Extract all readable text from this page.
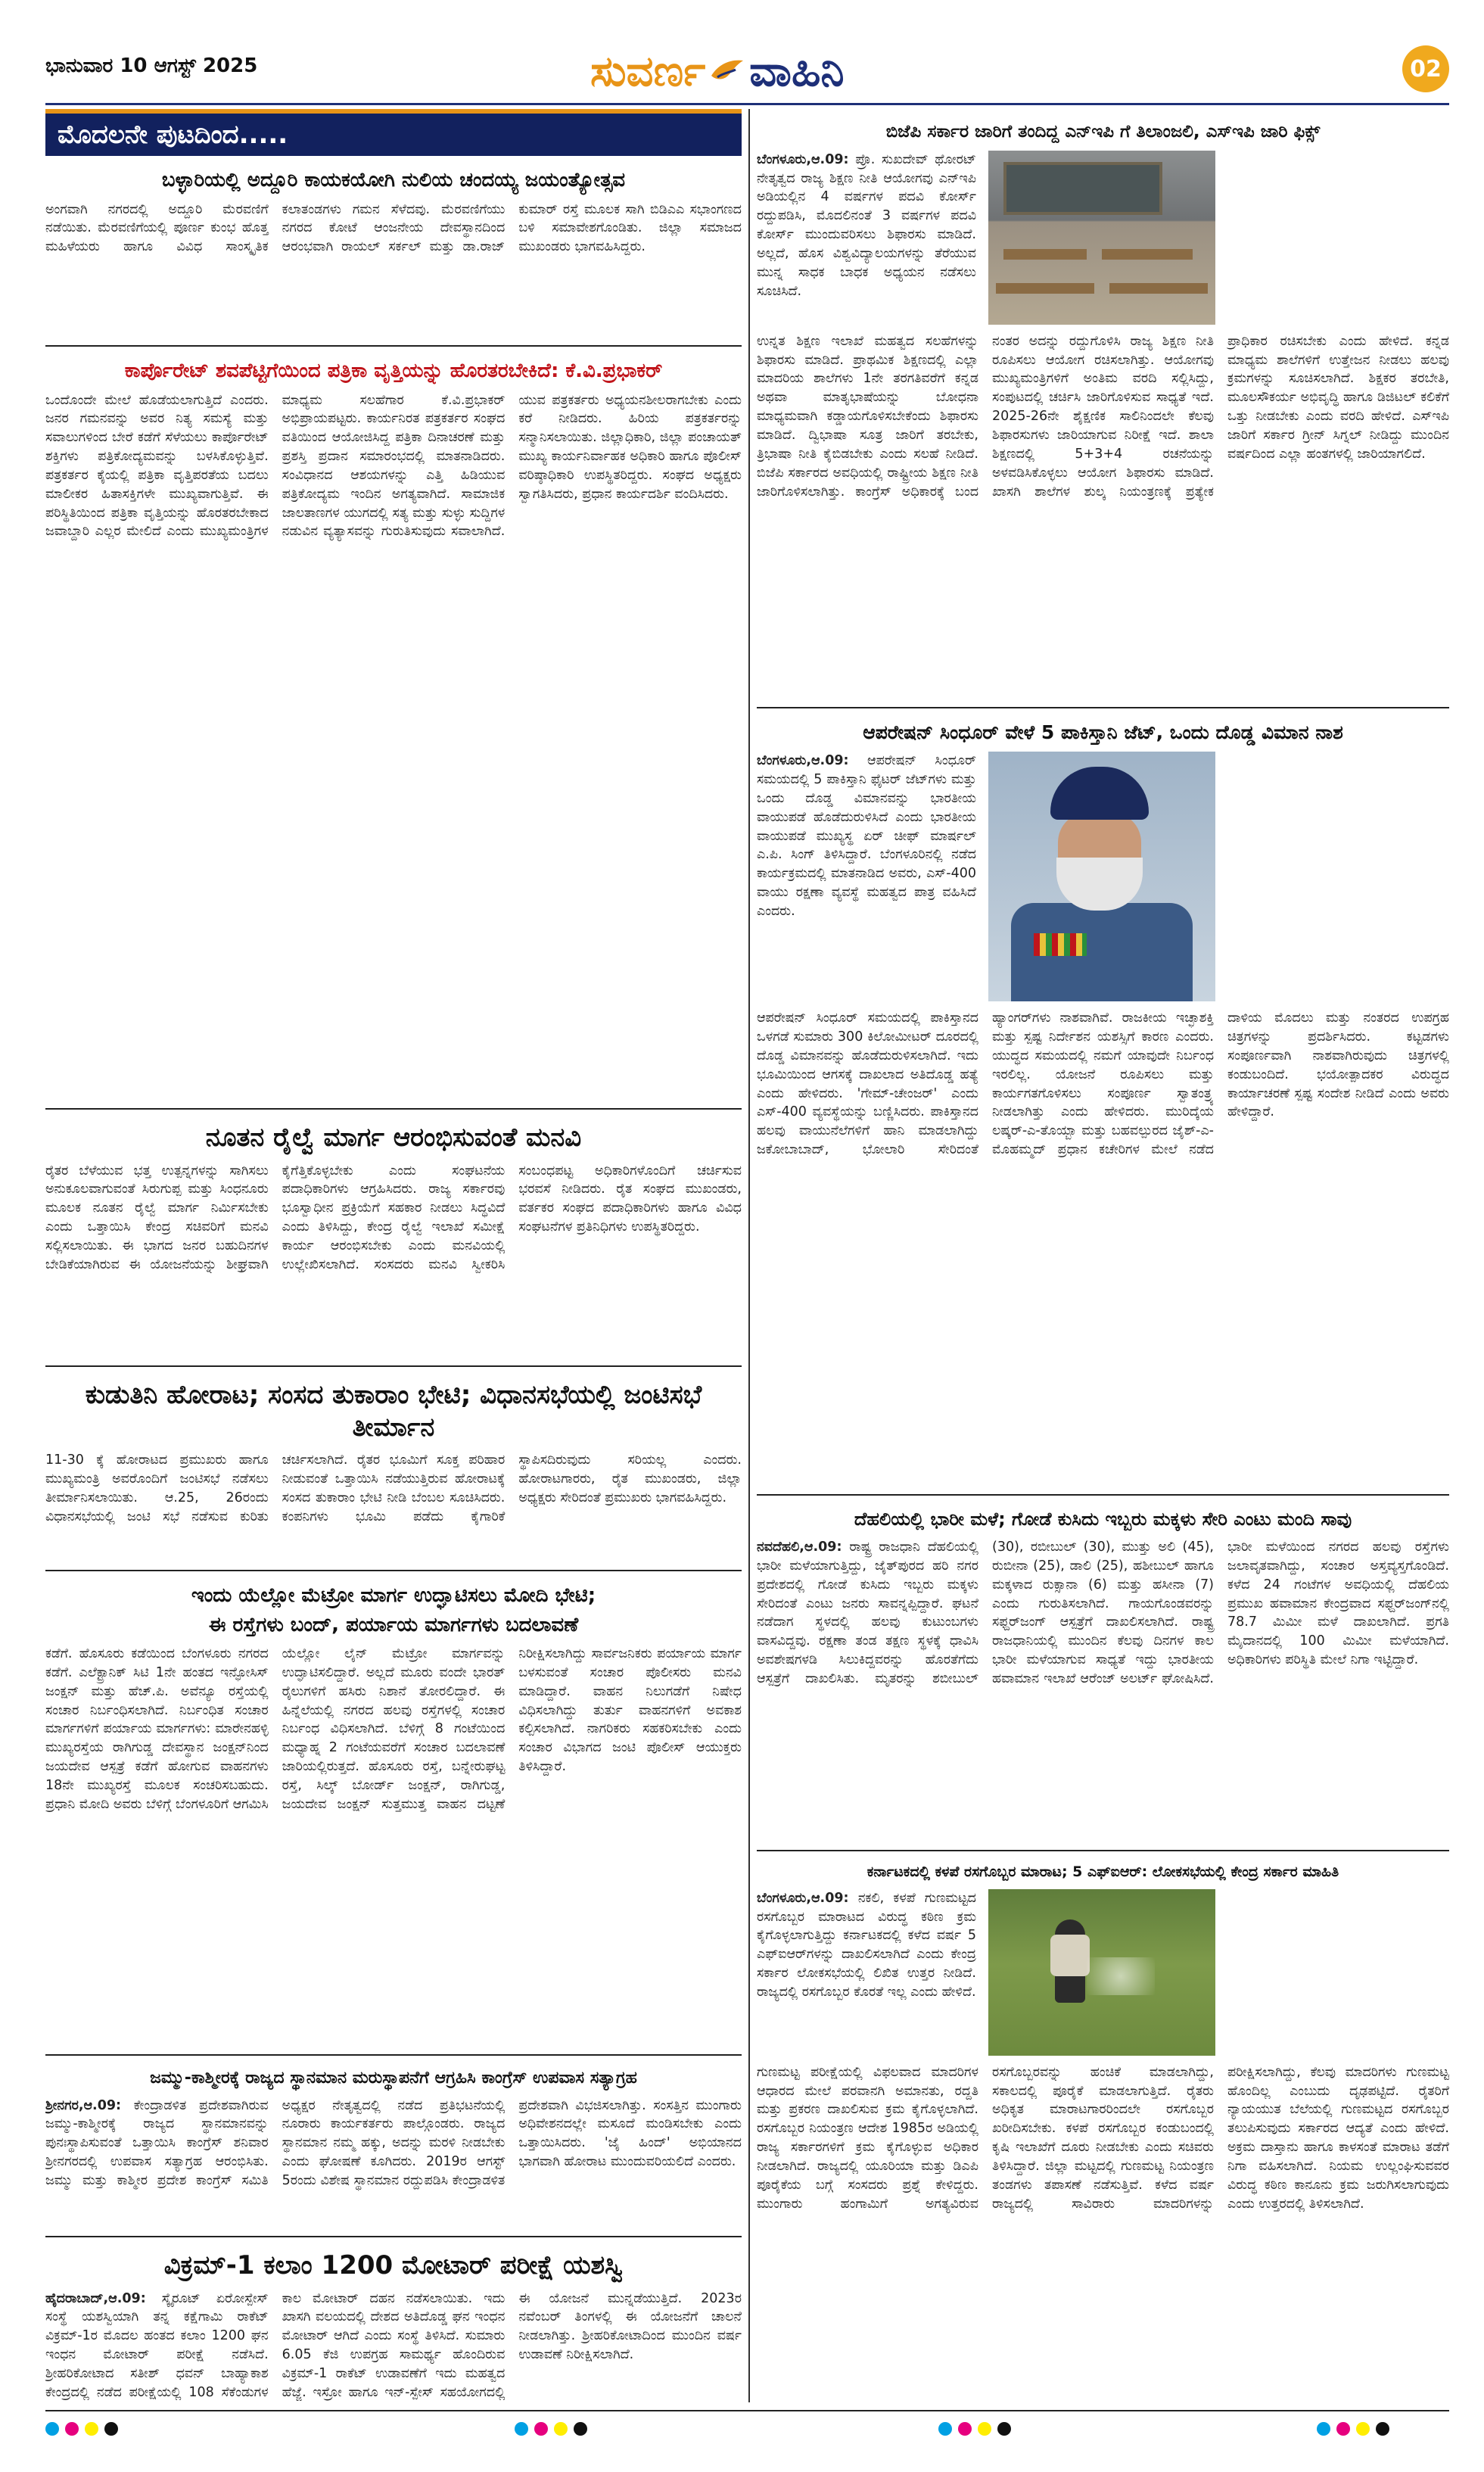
ಭಾನುವಾರ 10 ಆಗಸ್ಟ್ 2025	ಸುವರ್ಣ ವಾಹಿನಿ	02
ಮೊದಲನೇ ಪುಟದಿಂದ.....
ಬಳ್ಳಾರಿಯಲ್ಲಿ ಅದ್ದೂರಿ ಕಾಯಕಯೋಗಿ ನುಲಿಯ ಚಂದಯ್ಯ ಜಯಂತ್ಯೋತ್ಸವ
ಅಂಗವಾಗಿ ನಗರದಲ್ಲಿ ಅದ್ದೂರಿ ಮೆರವಣಿಗೆ ನಡೆಯಿತು. ಮೆರವಣಿಗೆಯಲ್ಲಿ ಪೂರ್ಣ ಕುಂಭ ಹೊತ್ತ ಮಹಿಳೆಯರು ಹಾಗೂ ವಿವಿಧ ಸಾಂಸ್ಕೃತಿಕ ಕಲಾತಂಡಗಳು ಗಮನ ಸೆಳೆದವು. ಮೆರವಣಿಗೆಯು ನಗರದ ಕೋಟೆ ಆಂಜನೇಯ ದೇವಸ್ಥಾನದಿಂದ ಆರಂಭವಾಗಿ ರಾಯಲ್ ಸರ್ಕಲ್ ಮತ್ತು ಡಾ.ರಾಜ್ ಕುಮಾರ್ ರಸ್ತೆ ಮೂಲಕ ಸಾಗಿ ಬಿಡಿಎಎ ಸಭಾಂಗಣದ ಬಳಿ ಸಮಾವೇಶಗೊಂಡಿತು. ಜಿಲ್ಲಾ ಸಮಾಜದ ಮುಖಂಡರು ಭಾಗವಹಿಸಿದ್ದರು.
ಕಾರ್ಪೊರೇಟ್ ಶವಪೆಟ್ಟಿಗೆಯಿಂದ ಪತ್ರಿಕಾ ವೃತ್ತಿಯನ್ನು ಹೊರತರಬೇಕಿದೆ: ಕೆ.ವಿ.ಪ್ರಭಾಕರ್
ಒಂದೊಂದೇ ಮೇಲೆ ಹೊಡೆಯಲಾಗುತ್ತಿದೆ ಎಂದರು. ಜನರ ಗಮನವನ್ನು ಅವರ ನಿತ್ಯ ಸಮಸ್ಯೆ ಮತ್ತು ಸವಾಲುಗಳಿಂದ ಬೇರೆ ಕಡೆಗೆ ಸೆಳೆಯಲು ಕಾರ್ಪೊರೇಟ್ ಶಕ್ತಿಗಳು ಪತ್ರಿಕೋದ್ಯಮವನ್ನು ಬಳಸಿಕೊಳ್ಳುತ್ತಿವೆ. ಪತ್ರಕರ್ತರ ಕೈಯಲ್ಲಿ ಪತ್ರಿಕಾ ವೃತ್ತಿಪರತೆಯ ಬದಲು ಮಾಲೀಕರ ಹಿತಾಸಕ್ತಿಗಳೇ ಮುಖ್ಯವಾಗುತ್ತಿವೆ. ಈ ಪರಿಸ್ಥಿತಿಯಿಂದ ಪತ್ರಿಕಾ ವೃತ್ತಿಯನ್ನು ಹೊರತರಬೇಕಾದ ಜವಾಬ್ದಾರಿ ಎಲ್ಲರ ಮೇಲಿದೆ ಎಂದು ಮುಖ್ಯಮಂತ್ರಿಗಳ ಮಾಧ್ಯಮ ಸಲಹೆಗಾರ ಕೆ.ವಿ.ಪ್ರಭಾಕರ್ ಅಭಿಪ್ರಾಯಪಟ್ಟರು. ಕಾರ್ಯನಿರತ ಪತ್ರಕರ್ತರ ಸಂಘದ ವತಿಯಿಂದ ಆಯೋಜಿಸಿದ್ದ ಪತ್ರಿಕಾ ದಿನಾಚರಣೆ ಮತ್ತು ಪ್ರಶಸ್ತಿ ಪ್ರದಾನ ಸಮಾರಂಭದಲ್ಲಿ ಮಾತನಾಡಿದರು. ಸಂವಿಧಾನದ ಆಶಯಗಳನ್ನು ಎತ್ತಿ ಹಿಡಿಯುವ ಪತ್ರಿಕೋದ್ಯಮ ಇಂದಿನ ಅಗತ್ಯವಾಗಿದೆ. ಸಾಮಾಜಿಕ ಜಾಲತಾಣಗಳ ಯುಗದಲ್ಲಿ ಸತ್ಯ ಮತ್ತು ಸುಳ್ಳು ಸುದ್ದಿಗಳ ನಡುವಿನ ವ್ಯತ್ಯಾಸವನ್ನು ಗುರುತಿಸುವುದು ಸವಾಲಾಗಿದೆ. ಯುವ ಪತ್ರಕರ್ತರು ಅಧ್ಯಯನಶೀಲರಾಗಬೇಕು ಎಂದು ಕರೆ ನೀಡಿದರು. ಹಿರಿಯ ಪತ್ರಕರ್ತರನ್ನು ಸನ್ಮಾನಿಸಲಾಯಿತು. ಜಿಲ್ಲಾಧಿಕಾರಿ, ಜಿಲ್ಲಾ ಪಂಚಾಯತ್ ಮುಖ್ಯ ಕಾರ್ಯನಿರ್ವಾಹಕ ಅಧಿಕಾರಿ ಹಾಗೂ ಪೊಲೀಸ್ ವರಿಷ್ಠಾಧಿಕಾರಿ ಉಪಸ್ಥಿತರಿದ್ದರು. ಸಂಘದ ಅಧ್ಯಕ್ಷರು ಸ್ವಾಗತಿಸಿದರು, ಪ್ರಧಾನ ಕಾರ್ಯದರ್ಶಿ ವಂದಿಸಿದರು.
ನೂತನ ರೈಲ್ವೆ ಮಾರ್ಗ ಆರಂಭಿಸುವಂತೆ ಮನವಿ
ರೈತರ ಬೆಳೆಯುವ ಭತ್ತ ಉತ್ಪನ್ನಗಳನ್ನು ಸಾಗಿಸಲು ಅನುಕೂಲವಾಗುವಂತೆ ಸಿರುಗುಪ್ಪ ಮತ್ತು ಸಿಂಧನೂರು ಮೂಲಕ ನೂತನ ರೈಲ್ವೆ ಮಾರ್ಗ ನಿರ್ಮಿಸಬೇಕು ಎಂದು ಒತ್ತಾಯಿಸಿ ಕೇಂದ್ರ ಸಚಿವರಿಗೆ ಮನವಿ ಸಲ್ಲಿಸಲಾಯಿತು. ಈ ಭಾಗದ ಜನರ ಬಹುದಿನಗಳ ಬೇಡಿಕೆಯಾಗಿರುವ ಈ ಯೋಜನೆಯನ್ನು ಶೀಘ್ರವಾಗಿ ಕೈಗೆತ್ತಿಕೊಳ್ಳಬೇಕು ಎಂದು ಸಂಘಟನೆಯ ಪದಾಧಿಕಾರಿಗಳು ಆಗ್ರಹಿಸಿದರು. ರಾಜ್ಯ ಸರ್ಕಾರವು ಭೂಸ್ವಾಧೀನ ಪ್ರಕ್ರಿಯೆಗೆ ಸಹಕಾರ ನೀಡಲು ಸಿದ್ಧವಿದೆ ಎಂದು ತಿಳಿಸಿದ್ದು, ಕೇಂದ್ರ ರೈಲ್ವೆ ಇಲಾಖೆ ಸಮೀಕ್ಷೆ ಕಾರ್ಯ ಆರಂಭಿಸಬೇಕು ಎಂದು ಮನವಿಯಲ್ಲಿ ಉಲ್ಲೇಖಿಸಲಾಗಿದೆ. ಸಂಸದರು ಮನವಿ ಸ್ವೀಕರಿಸಿ ಸಂಬಂಧಪಟ್ಟ ಅಧಿಕಾರಿಗಳೊಂದಿಗೆ ಚರ್ಚಿಸುವ ಭರವಸೆ ನೀಡಿದರು. ರೈತ ಸಂಘದ ಮುಖಂಡರು, ವರ್ತಕರ ಸಂಘದ ಪದಾಧಿಕಾರಿಗಳು ಹಾಗೂ ವಿವಿಧ ಸಂಘಟನೆಗಳ ಪ್ರತಿನಿಧಿಗಳು ಉಪಸ್ಥಿತರಿದ್ದರು.
ಕುಡುತಿನಿ ಹೋರಾಟ; ಸಂಸದ ತುಕಾರಾಂ ಭೇಟಿ; ವಿಧಾನಸಭೆಯಲ್ಲಿ ಜಂಟಿಸಭೆ ತೀರ್ಮಾನ
11-30 ಕ್ಕೆ ಹೋರಾಟದ ಪ್ರಮುಖರು ಹಾಗೂ ಮುಖ್ಯಮಂತ್ರಿ ಅವರೊಂದಿಗೆ ಜಂಟಿಸಭೆ ನಡೆಸಲು ತೀರ್ಮಾನಿಸಲಾಯಿತು. ಆ.25, 26ರಂದು ವಿಧಾನಸಭೆಯಲ್ಲಿ ಜಂಟಿ ಸಭೆ ನಡೆಸುವ ಕುರಿತು ಚರ್ಚಿಸಲಾಗಿದೆ. ರೈತರ ಭೂಮಿಗೆ ಸೂಕ್ತ ಪರಿಹಾರ ನೀಡುವಂತೆ ಒತ್ತಾಯಿಸಿ ನಡೆಯುತ್ತಿರುವ ಹೋರಾಟಕ್ಕೆ ಸಂಸದ ತುಕಾರಾಂ ಭೇಟಿ ನೀಡಿ ಬೆಂಬಲ ಸೂಚಿಸಿದರು. ಕಂಪನಿಗಳು ಭೂಮಿ ಪಡೆದು ಕೈಗಾರಿಕೆ ಸ್ಥಾಪಿಸದಿರುವುದು ಸರಿಯಲ್ಲ ಎಂದರು. ಹೋರಾಟಗಾರರು, ರೈತ ಮುಖಂಡರು, ಜಿಲ್ಲಾ ಅಧ್ಯಕ್ಷರು ಸೇರಿದಂತೆ ಪ್ರಮುಖರು ಭಾಗವಹಿಸಿದ್ದರು.
ಇಂದು ಯೆಲ್ಲೋ ಮೆಟ್ರೋ ಮಾರ್ಗ ಉದ್ಘಾಟಿಸಲು ಮೋದಿ ಭೇಟಿ;
ಈ ರಸ್ತೆಗಳು ಬಂದ್, ಪರ್ಯಾಯ ಮಾರ್ಗಗಳು ಬದಲಾವಣೆ
ಕಡೆಗೆ. ಹೊಸೂರು ಕಡೆಯಿಂದ ಬೆಂಗಳೂರು ನಗರದ ಕಡೆಗೆ. ಎಲೆಕ್ಟ್ರಾನಿಕ್ ಸಿಟಿ 1ನೇ ಹಂತದ ಇನ್ಫೋಸಿಸ್ ಜಂಕ್ಷನ್ ಮತ್ತು ಹೆಚ್.ಪಿ. ಅವೆನ್ಯೂ ರಸ್ತೆಯಲ್ಲಿ ಸಂಚಾರ ನಿರ್ಬಂಧಿಸಲಾಗಿದೆ. ನಿರ್ಬಂಧಿತ ಸಂಚಾರ ಮಾರ್ಗಗಳಿಗೆ ಪರ್ಯಾಯ ಮಾರ್ಗಗಳು: ಮಾರೇನಹಳ್ಳಿ ಮುಖ್ಯರಸ್ತೆಯ ರಾಗಿಗುಡ್ಡ ದೇವಸ್ಥಾನ ಜಂಕ್ಷನ್‌ನಿಂದ ಜಯದೇವ ಆಸ್ಪತ್ರೆ ಕಡೆಗೆ ಹೋಗುವ ವಾಹನಗಳು 18ನೇ ಮುಖ್ಯರಸ್ತೆ ಮೂಲಕ ಸಂಚರಿಸಬಹುದು. ಪ್ರಧಾನಿ ಮೋದಿ ಅವರು ಬೆಳಿಗ್ಗೆ ಬೆಂಗಳೂರಿಗೆ ಆಗಮಿಸಿ ಯೆಲ್ಲೋ ಲೈನ್ ಮೆಟ್ರೋ ಮಾರ್ಗವನ್ನು ಉದ್ಘಾಟಿಸಲಿದ್ದಾರೆ. ಅಲ್ಲದೆ ಮೂರು ವಂದೇ ಭಾರತ್ ರೈಲುಗಳಿಗೆ ಹಸಿರು ನಿಶಾನೆ ತೋರಲಿದ್ದಾರೆ. ಈ ಹಿನ್ನೆಲೆಯಲ್ಲಿ ನಗರದ ಹಲವು ರಸ್ತೆಗಳಲ್ಲಿ ಸಂಚಾರ ನಿರ್ಬಂಧ ವಿಧಿಸಲಾಗಿದೆ. ಬೆಳಿಗ್ಗೆ 8 ಗಂಟೆಯಿಂದ ಮಧ್ಯಾಹ್ನ 2 ಗಂಟೆಯವರೆಗೆ ಸಂಚಾರ ಬದಲಾವಣೆ ಜಾರಿಯಲ್ಲಿರುತ್ತದೆ. ಹೊಸೂರು ರಸ್ತೆ, ಬನ್ನೇರುಘಟ್ಟ ರಸ್ತೆ, ಸಿಲ್ಕ್ ಬೋರ್ಡ್ ಜಂಕ್ಷನ್, ರಾಗಿಗುಡ್ಡ, ಜಯದೇವ ಜಂಕ್ಷನ್ ಸುತ್ತಮುತ್ತ ವಾಹನ ದಟ್ಟಣೆ ನಿರೀಕ್ಷಿಸಲಾಗಿದ್ದು ಸಾರ್ವಜನಿಕರು ಪರ್ಯಾಯ ಮಾರ್ಗ ಬಳಸುವಂತೆ ಸಂಚಾರ ಪೊಲೀಸರು ಮನವಿ ಮಾಡಿದ್ದಾರೆ. ವಾಹನ ನಿಲುಗಡೆಗೆ ನಿಷೇಧ ವಿಧಿಸಲಾಗಿದ್ದು ತುರ್ತು ವಾಹನಗಳಿಗೆ ಅವಕಾಶ ಕಲ್ಪಿಸಲಾಗಿದೆ. ನಾಗರಿಕರು ಸಹಕರಿಸಬೇಕು ಎಂದು ಸಂಚಾರ ವಿಭಾಗದ ಜಂಟಿ ಪೊಲೀಸ್ ಆಯುಕ್ತರು ತಿಳಿಸಿದ್ದಾರೆ.
ಜಮ್ಮು-ಕಾಶ್ಮೀರಕ್ಕೆ ರಾಜ್ಯದ ಸ್ಥಾನಮಾನ ಮರುಸ್ಥಾಪನೆಗೆ ಆಗ್ರಹಿಸಿ ಕಾಂಗ್ರೆಸ್ ಉಪವಾಸ ಸತ್ಯಾಗ್ರಹ
ಶ್ರೀನಗರ,ಆ.09: ಕೇಂದ್ರಾಡಳಿತ ಪ್ರದೇಶವಾಗಿರುವ ಜಮ್ಮು-ಕಾಶ್ಮೀರಕ್ಕೆ ರಾಜ್ಯದ ಸ್ಥಾನಮಾನವನ್ನು ಪುನಃಸ್ಥಾಪಿಸುವಂತೆ ಒತ್ತಾಯಿಸಿ ಕಾಂಗ್ರೆಸ್ ಶನಿವಾರ ಶ್ರೀನಗರದಲ್ಲಿ ಉಪವಾಸ ಸತ್ಯಾಗ್ರಹ ಆರಂಭಿಸಿತು. ಜಮ್ಮು ಮತ್ತು ಕಾಶ್ಮೀರ ಪ್ರದೇಶ ಕಾಂಗ್ರೆಸ್ ಸಮಿತಿ ಅಧ್ಯಕ್ಷರ ನೇತೃತ್ವದಲ್ಲಿ ನಡೆದ ಪ್ರತಿಭಟನೆಯಲ್ಲಿ ನೂರಾರು ಕಾರ್ಯಕರ್ತರು ಪಾಲ್ಗೊಂಡರು. ರಾಜ್ಯದ ಸ್ಥಾನಮಾನ ನಮ್ಮ ಹಕ್ಕು, ಅದನ್ನು ಮರಳಿ ನೀಡಬೇಕು ಎಂದು ಘೋಷಣೆ ಕೂಗಿದರು. 2019ರ ಆಗಸ್ಟ್ 5ರಂದು ವಿಶೇಷ ಸ್ಥಾನಮಾನ ರದ್ದುಪಡಿಸಿ ಕೇಂದ್ರಾಡಳಿತ ಪ್ರದೇಶವಾಗಿ ವಿಭಜಿಸಲಾಗಿತ್ತು. ಸಂಸತ್ತಿನ ಮುಂಗಾರು ಅಧಿವೇಶನದಲ್ಲೇ ಮಸೂದೆ ಮಂಡಿಸಬೇಕು ಎಂದು ಒತ್ತಾಯಿಸಿದರು. 'ಜೈ ಹಿಂದ್' ಅಭಿಯಾನದ ಭಾಗವಾಗಿ ಹೋರಾಟ ಮುಂದುವರಿಯಲಿದೆ ಎಂದರು.
ವಿಕ್ರಮ್-1 ಕಲಾಂ 1200 ಮೋಟಾರ್ ಪರೀಕ್ಷೆ ಯಶಸ್ವಿ
ಹೈದರಾಬಾದ್,ಆ.09: ಸ್ಕೈರೂಟ್ ಏರೋಸ್ಪೇಸ್ ಸಂಸ್ಥೆ ಯಶಸ್ವಿಯಾಗಿ ತನ್ನ ಕಕ್ಷೆಗಾಮಿ ರಾಕೆಟ್ ವಿಕ್ರಮ್-1ರ ಮೊದಲ ಹಂತದ ಕಲಾಂ 1200 ಘನ ಇಂಧನ ಮೋಟಾರ್ ಪರೀಕ್ಷೆ ನಡೆಸಿದೆ. ಶ್ರೀಹರಿಕೋಟಾದ ಸತೀಶ್ ಧವನ್ ಬಾಹ್ಯಾಕಾಶ ಕೇಂದ್ರದಲ್ಲಿ ನಡೆದ ಪರೀಕ್ಷೆಯಲ್ಲಿ 108 ಸೆಕೆಂಡುಗಳ ಕಾಲ ಮೋಟಾರ್ ದಹನ ನಡೆಸಲಾಯಿತು. ಇದು ಖಾಸಗಿ ವಲಯದಲ್ಲಿ ದೇಶದ ಅತಿದೊಡ್ಡ ಘನ ಇಂಧನ ಮೋಟಾರ್ ಆಗಿದೆ ಎಂದು ಸಂಸ್ಥೆ ತಿಳಿಸಿದೆ. ಸುಮಾರು 6.05 ಕೆಜಿ ಉಪಗ್ರಹ ಸಾಮರ್ಥ್ಯ ಹೊಂದಿರುವ ವಿಕ್ರಮ್-1 ರಾಕೆಟ್ ಉಡಾವಣೆಗೆ ಇದು ಮಹತ್ವದ ಹೆಜ್ಜೆ. ಇಸ್ರೋ ಹಾಗೂ ಇನ್-ಸ್ಪೇಸ್ ಸಹಯೋಗದಲ್ಲಿ ಈ ಯೋಜನೆ ಮುನ್ನಡೆಯುತ್ತಿದೆ. 2023ರ ನವೆಂಬರ್ ತಿಂಗಳಲ್ಲಿ ಈ ಯೋಜನೆಗೆ ಚಾಲನೆ ನೀಡಲಾಗಿತ್ತು. ಶ್ರೀಹರಿಕೋಟಾದಿಂದ ಮುಂದಿನ ವರ್ಷ ಉಡಾವಣೆ ನಿರೀಕ್ಷಿಸಲಾಗಿದೆ.
ಬಿಜೆಪಿ ಸರ್ಕಾರ ಜಾರಿಗೆ ತಂದಿದ್ದ ಎನ್‌ಇಪಿ ಗೆ ತಿಲಾಂಜಲಿ, ಎಸ್‌ಇಪಿ ಜಾರಿ ಫಿಕ್ಸ್
ಬೆಂಗಳೂರು,ಆ.09: ಪ್ರೊ. ಸುಖದೇವ್ ಥೋರಟ್ ನೇತೃತ್ವದ ರಾಜ್ಯ ಶಿಕ್ಷಣ ನೀತಿ ಆಯೋಗವು ಎನ್‌ಇಪಿ ಅಡಿಯಲ್ಲಿನ 4 ವರ್ಷಗಳ ಪದವಿ ಕೋರ್ಸ್ ರದ್ದುಪಡಿಸಿ, ಮೊದಲಿನಂತೆ 3 ವರ್ಷಗಳ ಪದವಿ ಕೋರ್ಸ್ ಮುಂದುವರಿಸಲು ಶಿಫಾರಸು ಮಾಡಿದೆ. ಅಲ್ಲದೆ, ಹೊಸ ವಿಶ್ವವಿದ್ಯಾಲಯಗಳನ್ನು ತೆರೆಯುವ ಮುನ್ನ ಸಾಧಕ ಬಾಧಕ ಅಧ್ಯಯನ ನಡೆಸಲು ಸೂಚಿಸಿದೆ.
ಉನ್ನತ ಶಿಕ್ಷಣ ಇಲಾಖೆ ಮಹತ್ವದ ಸಲಹೆಗಳನ್ನು ಶಿಫಾರಸು ಮಾಡಿದೆ. ಪ್ರಾಥಮಿಕ ಶಿಕ್ಷಣದಲ್ಲಿ ಎಲ್ಲಾ ಮಾದರಿಯ ಶಾಲೆಗಳು 1ನೇ ತರಗತಿವರೆಗೆ ಕನ್ನಡ ಅಥವಾ ಮಾತೃಭಾಷೆಯನ್ನು ಬೋಧನಾ ಮಾಧ್ಯಮವಾಗಿ ಕಡ್ಡಾಯಗೊಳಿಸಬೇಕೆಂದು ಶಿಫಾರಸು ಮಾಡಿದೆ. ದ್ವಿಭಾಷಾ ಸೂತ್ರ ಜಾರಿಗೆ ತರಬೇಕು, ತ್ರಿಭಾಷಾ ನೀತಿ ಕೈಬಿಡಬೇಕು ಎಂದು ಸಲಹೆ ನೀಡಿದೆ. ಬಿಜೆಪಿ ಸರ್ಕಾರದ ಅವಧಿಯಲ್ಲಿ ರಾಷ್ಟ್ರೀಯ ಶಿಕ್ಷಣ ನೀತಿ ಜಾರಿಗೊಳಿಸಲಾಗಿತ್ತು. ಕಾಂಗ್ರೆಸ್ ಅಧಿಕಾರಕ್ಕೆ ಬಂದ ನಂತರ ಅದನ್ನು ರದ್ದುಗೊಳಿಸಿ ರಾಜ್ಯ ಶಿಕ್ಷಣ ನೀತಿ ರೂಪಿಸಲು ಆಯೋಗ ರಚಿಸಲಾಗಿತ್ತು. ಆಯೋಗವು ಮುಖ್ಯಮಂತ್ರಿಗಳಿಗೆ ಅಂತಿಮ ವರದಿ ಸಲ್ಲಿಸಿದ್ದು, ಸಂಪುಟದಲ್ಲಿ ಚರ್ಚಿಸಿ ಜಾರಿಗೊಳಿಸುವ ಸಾಧ್ಯತೆ ಇದೆ. 2025-26ನೇ ಶೈಕ್ಷಣಿಕ ಸಾಲಿನಿಂದಲೇ ಕೆಲವು ಶಿಫಾರಸುಗಳು ಜಾರಿಯಾಗುವ ನಿರೀಕ್ಷೆ ಇದೆ. ಶಾಲಾ ಶಿಕ್ಷಣದಲ್ಲಿ 5+3+4 ರಚನೆಯನ್ನು ಅಳವಡಿಸಿಕೊಳ್ಳಲು ಆಯೋಗ ಶಿಫಾರಸು ಮಾಡಿದೆ. ಖಾಸಗಿ ಶಾಲೆಗಳ ಶುಲ್ಕ ನಿಯಂತ್ರಣಕ್ಕೆ ಪ್ರತ್ಯೇಕ ಪ್ರಾಧಿಕಾರ ರಚಿಸಬೇಕು ಎಂದು ಹೇಳಿದೆ. ಕನ್ನಡ ಮಾಧ್ಯಮ ಶಾಲೆಗಳಿಗೆ ಉತ್ತೇಜನ ನೀಡಲು ಹಲವು ಕ್ರಮಗಳನ್ನು ಸೂಚಿಸಲಾಗಿದೆ. ಶಿಕ್ಷಕರ ತರಬೇತಿ, ಮೂಲಸೌಕರ್ಯ ಅಭಿವೃದ್ಧಿ ಹಾಗೂ ಡಿಜಿಟಲ್ ಕಲಿಕೆಗೆ ಒತ್ತು ನೀಡಬೇಕು ಎಂದು ವರದಿ ಹೇಳಿದೆ. ಎಸ್‌ಇಪಿ ಜಾರಿಗೆ ಸರ್ಕಾರ ಗ್ರೀನ್ ಸಿಗ್ನಲ್ ನೀಡಿದ್ದು ಮುಂದಿನ ವರ್ಷದಿಂದ ಎಲ್ಲಾ ಹಂತಗಳಲ್ಲಿ ಜಾರಿಯಾಗಲಿದೆ.
ಆಪರೇಷನ್ ಸಿಂಧೂರ್ ವೇಳೆ 5 ಪಾಕಿಸ್ತಾನಿ ಜೆಟ್, ಒಂದು ದೊಡ್ಡ ವಿಮಾನ ನಾಶ
ಬೆಂಗಳೂರು,ಆ.09: ಆಪರೇಷನ್ ಸಿಂಧೂರ್ ಸಮಯದಲ್ಲಿ 5 ಪಾಕಿಸ್ತಾನಿ ಫೈಟರ್ ಜೆಟ್‌ಗಳು ಮತ್ತು ಒಂದು ದೊಡ್ಡ ವಿಮಾನವನ್ನು ಭಾರತೀಯ ವಾಯುಪಡೆ ಹೊಡೆದುರುಳಿಸಿದೆ ಎಂದು ಭಾರತೀಯ ವಾಯುಪಡೆ ಮುಖ್ಯಸ್ಥ ಏರ್ ಚೀಫ್ ಮಾರ್ಷಲ್ ಎ.ಪಿ. ಸಿಂಗ್ ತಿಳಿಸಿದ್ದಾರೆ. ಬೆಂಗಳೂರಿನಲ್ಲಿ ನಡೆದ ಕಾರ್ಯಕ್ರಮದಲ್ಲಿ ಮಾತನಾಡಿದ ಅವರು, ಎಸ್-400 ವಾಯು ರಕ್ಷಣಾ ವ್ಯವಸ್ಥೆ ಮಹತ್ವದ ಪಾತ್ರ ವಹಿಸಿದೆ ಎಂದರು.
ಆಪರೇಷನ್ ಸಿಂಧೂರ್ ಸಮಯದಲ್ಲಿ ಪಾಕಿಸ್ತಾನದ ಒಳಗಡೆ ಸುಮಾರು 300 ಕಿಲೋಮೀಟರ್ ದೂರದಲ್ಲಿ ದೊಡ್ಡ ವಿಮಾನವನ್ನು ಹೊಡೆದುರುಳಿಸಲಾಗಿದೆ. ಇದು ಭೂಮಿಯಿಂದ ಆಗಸಕ್ಕೆ ದಾಖಲಾದ ಅತಿದೊಡ್ಡ ಹತ್ಯೆ ಎಂದು ಹೇಳಿದರು. 'ಗೇಮ್-ಚೇಂಜರ್' ಎಂದು ಎಸ್-400 ವ್ಯವಸ್ಥೆಯನ್ನು ಬಣ್ಣಿಸಿದರು. ಪಾಕಿಸ್ತಾನದ ಹಲವು ವಾಯುನೆಲೆಗಳಿಗೆ ಹಾನಿ ಮಾಡಲಾಗಿದ್ದು ಜಕೋಬಾಬಾದ್, ಭೋಲಾರಿ ಸೇರಿದಂತೆ ಹ್ಯಾಂಗರ್‌ಗಳು ನಾಶವಾಗಿವೆ. ರಾಜಕೀಯ ಇಚ್ಛಾಶಕ್ತಿ ಮತ್ತು ಸ್ಪಷ್ಟ ನಿರ್ದೇಶನ ಯಶಸ್ಸಿಗೆ ಕಾರಣ ಎಂದರು. ಯುದ್ಧದ ಸಮಯದಲ್ಲಿ ನಮಗೆ ಯಾವುದೇ ನಿರ್ಬಂಧ ಇರಲಿಲ್ಲ. ಯೋಜನೆ ರೂಪಿಸಲು ಮತ್ತು ಕಾರ್ಯಗತಗೊಳಿಸಲು ಸಂಪೂರ್ಣ ಸ್ವಾತಂತ್ರ್ಯ ನೀಡಲಾಗಿತ್ತು ಎಂದು ಹೇಳಿದರು. ಮುರಿದ್ಕೆಯ ಲಷ್ಕರ್-ಎ-ತೊಯ್ಬಾ ಮತ್ತು ಬಹವಲ್ಪುರದ ಜೈಶ್-ಎ-ಮೊಹಮ್ಮದ್ ಪ್ರಧಾನ ಕಚೇರಿಗಳ ಮೇಲೆ ನಡೆದ ದಾಳಿಯ ಮೊದಲು ಮತ್ತು ನಂತರದ ಉಪಗ್ರಹ ಚಿತ್ರಗಳನ್ನು ಪ್ರದರ್ಶಿಸಿದರು. ಕಟ್ಟಡಗಳು ಸಂಪೂರ್ಣವಾಗಿ ನಾಶವಾಗಿರುವುದು ಚಿತ್ರಗಳಲ್ಲಿ ಕಂಡುಬಂದಿದೆ. ಭಯೋತ್ಪಾದಕರ ವಿರುದ್ಧದ ಕಾರ್ಯಾಚರಣೆ ಸ್ಪಷ್ಟ ಸಂದೇಶ ನೀಡಿದೆ ಎಂದು ಅವರು ಹೇಳಿದ್ದಾರೆ.
ದೆಹಲಿಯಲ್ಲಿ ಭಾರೀ ಮಳೆ; ಗೋಡೆ ಕುಸಿದು ಇಬ್ಬರು ಮಕ್ಕಳು ಸೇರಿ ಎಂಟು ಮಂದಿ ಸಾವು
ನವದೆಹಲಿ,ಆ.09: ರಾಷ್ಟ್ರ ರಾಜಧಾನಿ ದೆಹಲಿಯಲ್ಲಿ ಭಾರೀ ಮಳೆಯಾಗುತ್ತಿದ್ದು, ಜೈತ್‌ಪುರದ ಹರಿ ನಗರ ಪ್ರದೇಶದಲ್ಲಿ ಗೋಡೆ ಕುಸಿದು ಇಬ್ಬರು ಮಕ್ಕಳು ಸೇರಿದಂತೆ ಎಂಟು ಜನರು ಸಾವನ್ನಪ್ಪಿದ್ದಾರೆ. ಘಟನೆ ನಡೆದಾಗ ಸ್ಥಳದಲ್ಲಿ ಹಲವು ಕುಟುಂಬಗಳು ವಾಸವಿದ್ದವು. ರಕ್ಷಣಾ ತಂಡ ತಕ್ಷಣ ಸ್ಥಳಕ್ಕೆ ಧಾವಿಸಿ ಅವಶೇಷಗಳಡಿ ಸಿಲುಕಿದ್ದವರನ್ನು ಹೊರತೆಗೆದು ಆಸ್ಪತ್ರೆಗೆ ದಾಖಲಿಸಿತು. ಮೃತರನ್ನು ಶಬೀಬುಲ್ (30), ರಬೀಬುಲ್ (30), ಮುತ್ತು ಅಲಿ (45), ರುಬೀನಾ (25), ಡಾಲಿ (25), ಹಶೀಬುಲ್ ಹಾಗೂ ಮಕ್ಕಳಾದ ರುಕ್ಸಾನಾ (6) ಮತ್ತು ಹಸೀನಾ (7) ಎಂದು ಗುರುತಿಸಲಾಗಿದೆ. ಗಾಯಗೊಂಡವರನ್ನು ಸಫ್ದರ್‌ಜಂಗ್ ಆಸ್ಪತ್ರೆಗೆ ದಾಖಲಿಸಲಾಗಿದೆ. ರಾಷ್ಟ್ರ ರಾಜಧಾನಿಯಲ್ಲಿ ಮುಂದಿನ ಕೆಲವು ದಿನಗಳ ಕಾಲ ಭಾರೀ ಮಳೆಯಾಗುವ ಸಾಧ್ಯತೆ ಇದ್ದು ಭಾರತೀಯ ಹವಾಮಾನ ಇಲಾಖೆ ಆರೆಂಜ್ ಅಲರ್ಟ್ ಘೋಷಿಸಿದೆ. ಭಾರೀ ಮಳೆಯಿಂದ ನಗರದ ಹಲವು ರಸ್ತೆಗಳು ಜಲಾವೃತವಾಗಿದ್ದು, ಸಂಚಾರ ಅಸ್ತವ್ಯಸ್ತಗೊಂಡಿದೆ. ಕಳೆದ 24 ಗಂಟೆಗಳ ಅವಧಿಯಲ್ಲಿ ದೆಹಲಿಯ ಪ್ರಮುಖ ಹವಾಮಾನ ಕೇಂದ್ರವಾದ ಸಫ್ದರ್‌ಜಂಗ್‌ನಲ್ಲಿ 78.7 ಮಿಮೀ ಮಳೆ ದಾಖಲಾಗಿದೆ. ಪ್ರಗತಿ ಮೈದಾನದಲ್ಲಿ 100 ಮಿಮೀ ಮಳೆಯಾಗಿದೆ. ಅಧಿಕಾರಿಗಳು ಪರಿಸ್ಥಿತಿ ಮೇಲೆ ನಿಗಾ ಇಟ್ಟಿದ್ದಾರೆ.
ಕರ್ನಾಟಕದಲ್ಲಿ ಕಳಪೆ ರಸಗೊಬ್ಬರ ಮಾರಾಟ; 5 ಎಫ್‌ಐಆರ್: ಲೋಕಸಭೆಯಲ್ಲಿ ಕೇಂದ್ರ ಸರ್ಕಾರ ಮಾಹಿತಿ
ಬೆಂಗಳೂರು,ಆ.09: ನಕಲಿ, ಕಳಪೆ ಗುಣಮಟ್ಟದ ರಸಗೊಬ್ಬರ ಮಾರಾಟದ ವಿರುದ್ಧ ಕಠಿಣ ಕ್ರಮ ಕೈಗೊಳ್ಳಲಾಗುತ್ತಿದ್ದು ಕರ್ನಾಟಕದಲ್ಲಿ ಕಳೆದ ವರ್ಷ 5 ಎಫ್‌ಐಆರ್‌ಗಳನ್ನು ದಾಖಲಿಸಲಾಗಿದೆ ಎಂದು ಕೇಂದ್ರ ಸರ್ಕಾರ ಲೋಕಸಭೆಯಲ್ಲಿ ಲಿಖಿತ ಉತ್ತರ ನೀಡಿದೆ. ರಾಜ್ಯದಲ್ಲಿ ರಸಗೊಬ್ಬರ ಕೊರತೆ ಇಲ್ಲ ಎಂದು ಹೇಳಿದೆ.
ಗುಣಮಟ್ಟ ಪರೀಕ್ಷೆಯಲ್ಲಿ ವಿಫಲವಾದ ಮಾದರಿಗಳ ಆಧಾರದ ಮೇಲೆ ಪರವಾನಗಿ ಅಮಾನತು, ರದ್ದತಿ ಮತ್ತು ಪ್ರಕರಣ ದಾಖಲಿಸುವ ಕ್ರಮ ಕೈಗೊಳ್ಳಲಾಗಿದೆ. ರಸಗೊಬ್ಬರ ನಿಯಂತ್ರಣ ಆದೇಶ 1985ರ ಅಡಿಯಲ್ಲಿ ರಾಜ್ಯ ಸರ್ಕಾರಗಳಿಗೆ ಕ್ರಮ ಕೈಗೊಳ್ಳುವ ಅಧಿಕಾರ ನೀಡಲಾಗಿದೆ. ರಾಜ್ಯದಲ್ಲಿ ಯೂರಿಯಾ ಮತ್ತು ಡಿಎಪಿ ಪೂರೈಕೆಯ ಬಗ್ಗೆ ಸಂಸದರು ಪ್ರಶ್ನೆ ಕೇಳಿದ್ದರು. ಮುಂಗಾರು ಹಂಗಾಮಿಗೆ ಅಗತ್ಯವಿರುವ ರಸಗೊಬ್ಬರವನ್ನು ಹಂಚಿಕೆ ಮಾಡಲಾಗಿದ್ದು, ಸಕಾಲದಲ್ಲಿ ಪೂರೈಕೆ ಮಾಡಲಾಗುತ್ತಿದೆ. ರೈತರು ಅಧಿಕೃತ ಮಾರಾಟಗಾರರಿಂದಲೇ ರಸಗೊಬ್ಬರ ಖರೀದಿಸಬೇಕು. ಕಳಪೆ ರಸಗೊಬ್ಬರ ಕಂಡುಬಂದಲ್ಲಿ ಕೃಷಿ ಇಲಾಖೆಗೆ ದೂರು ನೀಡಬೇಕು ಎಂದು ಸಚಿವರು ತಿಳಿಸಿದ್ದಾರೆ. ಜಿಲ್ಲಾ ಮಟ್ಟದಲ್ಲಿ ಗುಣಮಟ್ಟ ನಿಯಂತ್ರಣ ತಂಡಗಳು ತಪಾಸಣೆ ನಡೆಸುತ್ತಿವೆ. ಕಳೆದ ವರ್ಷ ರಾಜ್ಯದಲ್ಲಿ ಸಾವಿರಾರು ಮಾದರಿಗಳನ್ನು ಪರೀಕ್ಷಿಸಲಾಗಿದ್ದು, ಕೆಲವು ಮಾದರಿಗಳು ಗುಣಮಟ್ಟ ಹೊಂದಿಲ್ಲ ಎಂಬುದು ದೃಢಪಟ್ಟಿದೆ. ರೈತರಿಗೆ ನ್ಯಾಯಯುತ ಬೆಲೆಯಲ್ಲಿ ಗುಣಮಟ್ಟದ ರಸಗೊಬ್ಬರ ತಲುಪಿಸುವುದು ಸರ್ಕಾರದ ಆದ್ಯತೆ ಎಂದು ಹೇಳಿದೆ. ಅಕ್ರಮ ದಾಸ್ತಾನು ಹಾಗೂ ಕಾಳಸಂತೆ ಮಾರಾಟ ತಡೆಗೆ ನಿಗಾ ವಹಿಸಲಾಗಿದೆ. ನಿಯಮ ಉಲ್ಲಂಘಿಸುವವರ ವಿರುದ್ಧ ಕಠಿಣ ಕಾನೂನು ಕ್ರಮ ಜರುಗಿಸಲಾಗುವುದು ಎಂದು ಉತ್ತರದಲ್ಲಿ ತಿಳಿಸಲಾಗಿದೆ.
